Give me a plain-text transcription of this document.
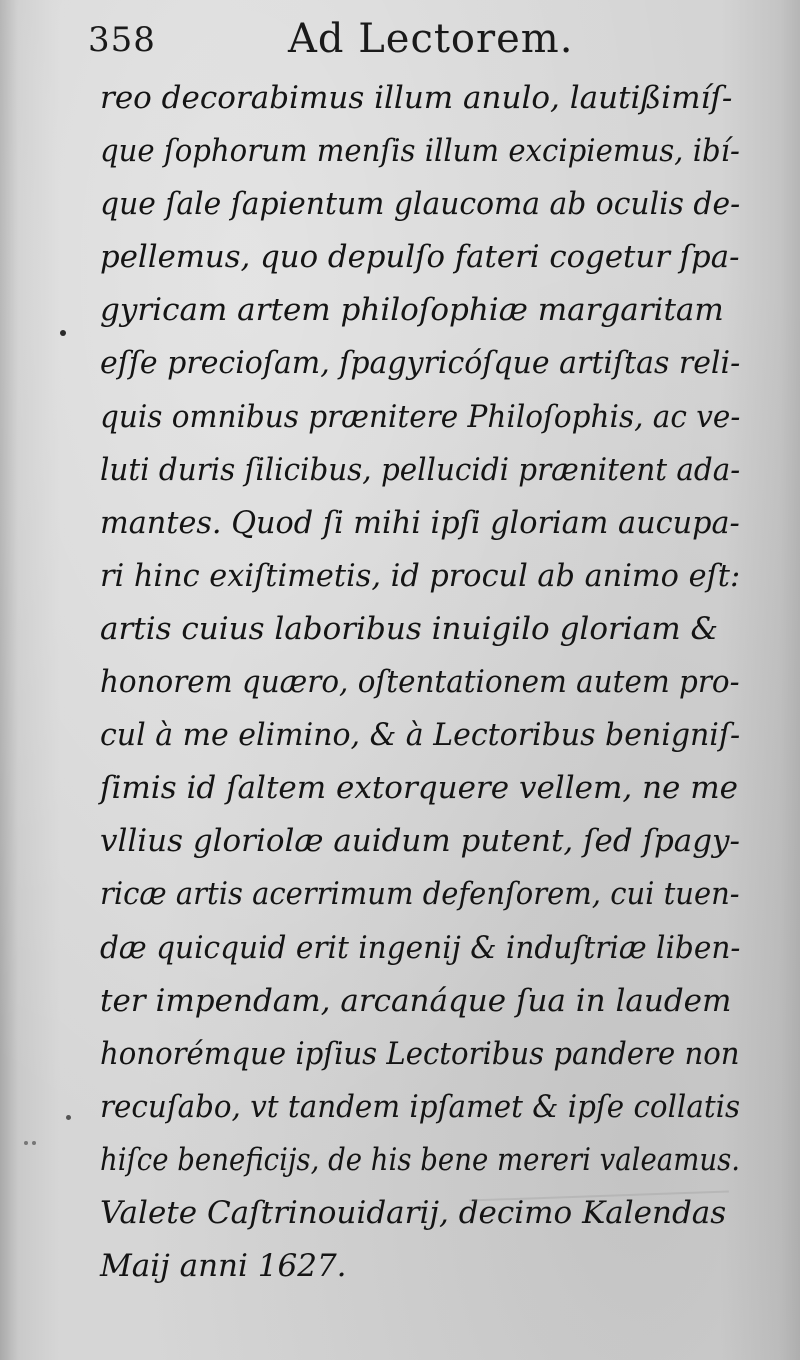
358	Ad Lectorem.
reo decorabimus illum anulo, lautißimíſ-
que ſophorum menſis illum excipiemus, ibí-
que ſale ſapientum glaucoma ab oculis de-
pellemus, quo depulſo fateri cogetur ſpa-
gyricam artem philoſophiæ margaritam
eſſe precioſam, ſpagyricóſque artiſtas reli-
quis omnibus prænitere Philoſophis, ac ve-
luti duris ſilicibus, pellucidi prænitent ada-
mantes. Quod ſi mihi ipſi gloriam aucupa-
ri hinc exiſtimetis, id procul ab animo eſt:
artis cuius laboribus inuigilo gloriam &
honorem quæro, oſtentationem autem pro-
cul à me elimino, & à Lectoribus benigniſ-
ſimis id ſaltem extorquere vellem, ne me
vllius gloriolæ auidum putent, ſed ſpagy-
ricæ artis acerrimum defenſorem, cui tuen-
dæ quicquid erit ingenij & induſtriæ liben-
ter impendam, arcanáque ſua in laudem
honorémque ipſius Lectoribus pandere non
recuſabo, vt tandem ipſamet & ipſe collatis
hiſce beneficijs, de his bene mereri valeamus.
Valete Caſtrinouidarij, decimo Kalendas
Maij anni 1627.
